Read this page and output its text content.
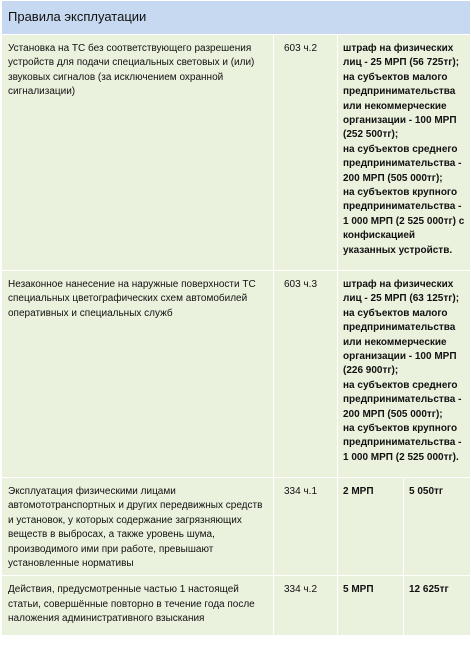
Правила эксплуатации			
Установка на ТС без соответствующего разрешения устройств для подачи специальных световых и (или) звуковых сигналов (за исключением охранной сигнализации)	603 ч.2	штраф на физических лиц - 25 МРП (56 725тг);
на субъектов малого предпринимательства или некоммерческие организации - 100 МРП (252 500тг);
на субъектов среднего предпринимательства - 200 МРП (505 000тг);
на субъектов крупного предпринимательства - 1 000 МРП (2 525 000тг) с конфискацией указанных устройств.	

Незаконное нанесение на наружные поверхности ТС специальных цветографических схем автомобилей оперативных и специальных служб	603 ч.3	штраф на физических лиц - 25 МРП (63 125тг);
на субъектов малого предпринимательства или некоммерческие организации - 100 МРП (226 900тг);
на субъектов среднего предпринимательства - 200 МРП (505 000тг);
на субъектов крупного предпринимательства - 1 000 МРП (2 525 000тг).	

Эксплуатация физическими лицами автомототранспортных и других передвижных средств и установок, у которых содержание загрязняющих веществ в выбросах, а также уровень шума, производимого ими при работе, превышают установленные нормативы	334 ч.1	2 МРП	5 050тг
Действия, предусмотренные частью 1 настоящей статьи, совершённые повторно в течение года после наложения административного взыскания	334 ч.2	5 МРП	12 625тг
